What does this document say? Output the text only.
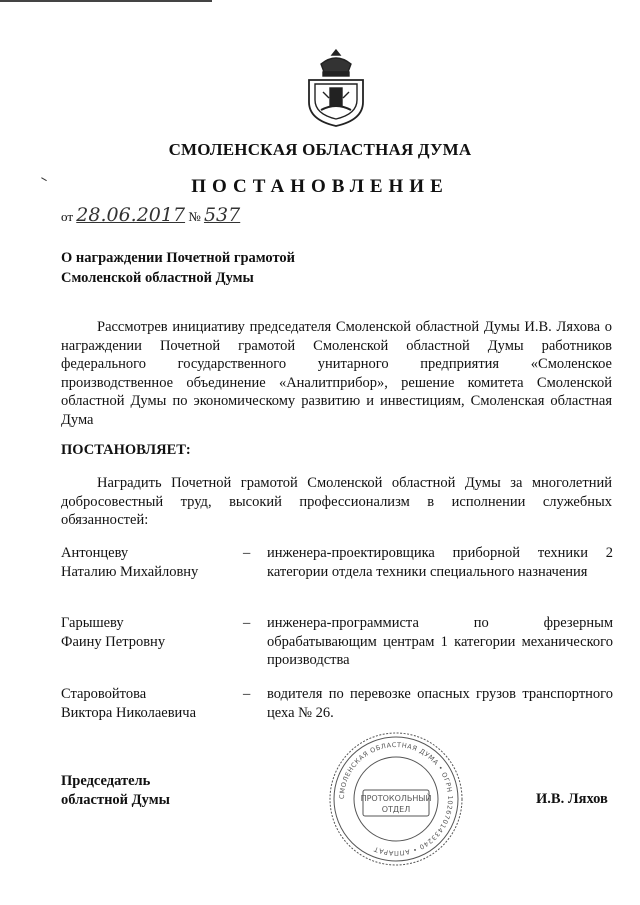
СМОЛЕНСКАЯ ОБЛАСТНАЯ ДУМА
ПОСТАНОВЛЕНИЕ
от 28.06.2017 № 537
О награждении Почетной грамотой
Смоленской областной Думы
Рассмотрев инициативу председателя Смоленской областной Думы И.В. Ляхова о награждении Почетной грамотой Смоленской областной Думы работников федерального государственного унитарного предприятия «Смоленское производственное объединение «Аналитприбор», решение комитета Смоленской областной Думы по экономическому развитию и инвестициям, Смоленская областная Дума
ПОСТАНОВЛЯЕТ:
Наградить Почетной грамотой Смоленской областной Думы за многолетний добросовестный труд, высокий профессионализм в исполнении служебных обязанностей:
Антонцеву
Наталию Михайловну
– инженера-проектировщика приборной техники 2 категории отдела техники специального назначения
Гарышеву
Фаину Петровну
– инженера-программиста по фрезерным обрабатывающим центрам 1 категории механического производства
Старовойтова
Виктора Николаевича
– водителя по перевозке опасных грузов транспортного цеха № 26.
Председатель
областной Думы	СМОЛЕНСКАЯ ОБЛАСТНАЯ ДУМА • ОГРН 1026701433240 • АППАРАТ
ПРОТОКОЛЬНЫЙ
ОТДЕЛ
И.В. Ляхов
